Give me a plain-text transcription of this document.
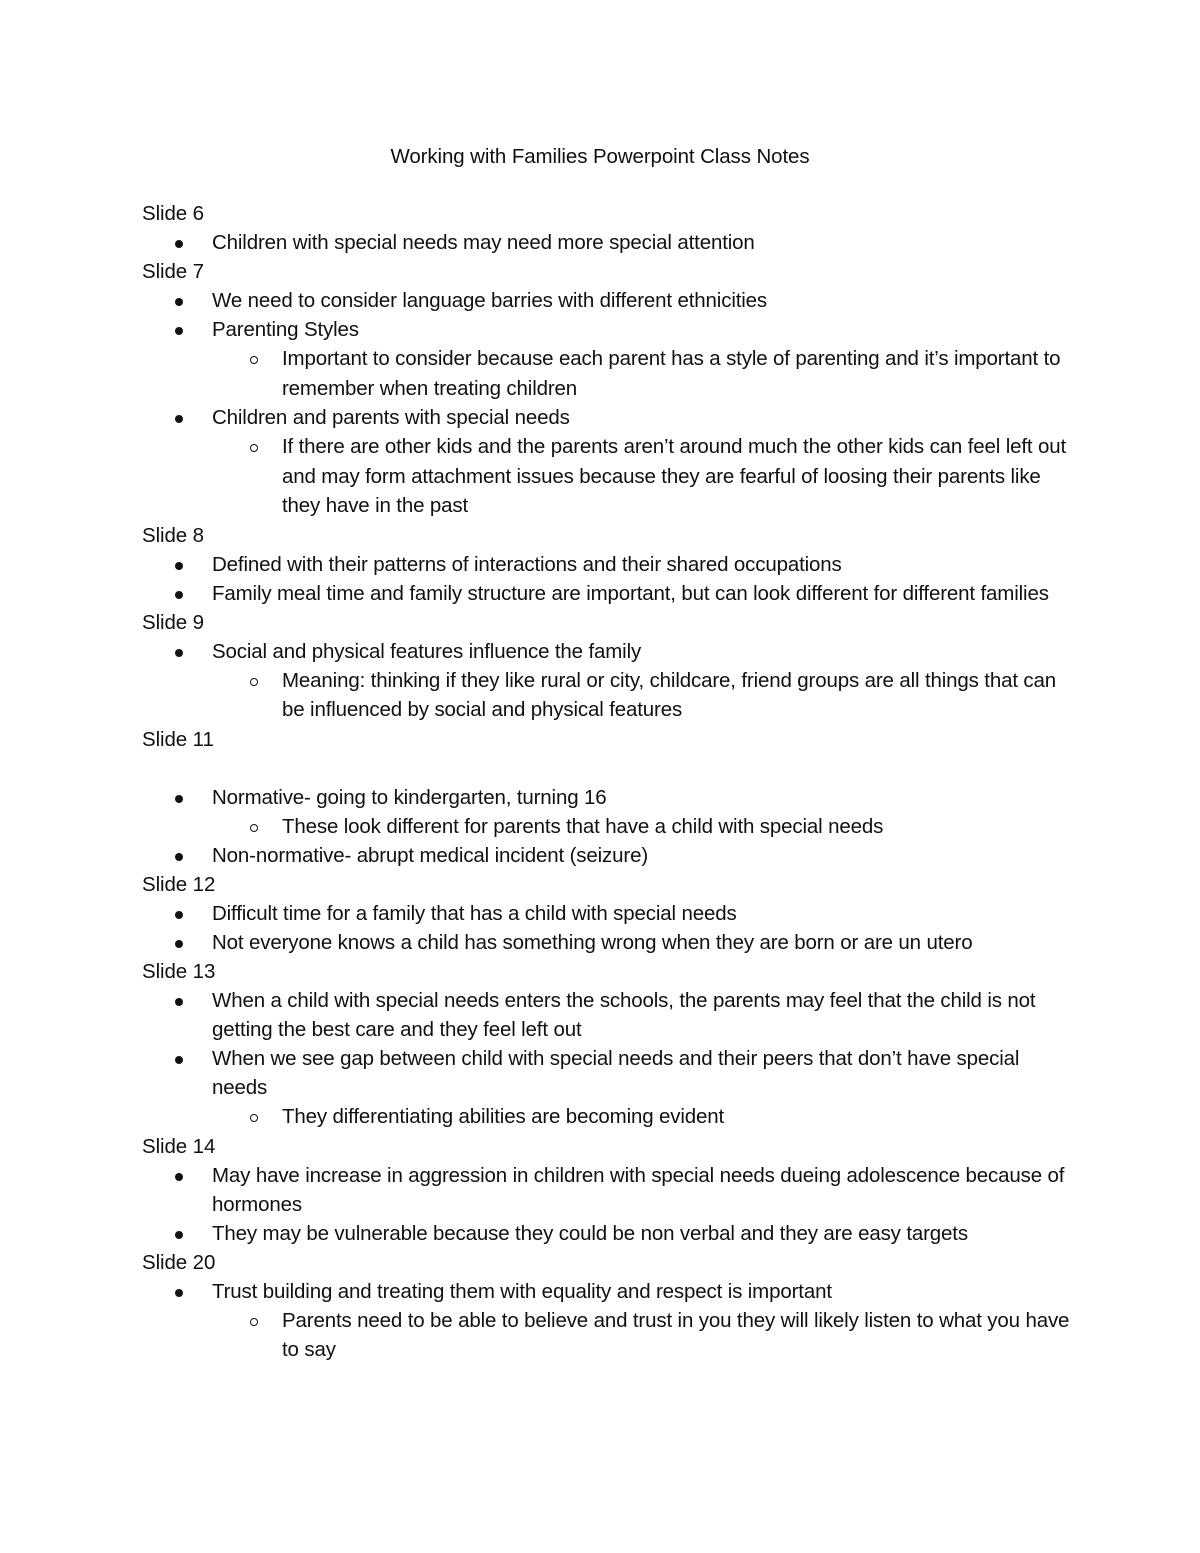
Working with Families Powerpoint Class Notes
Slide 6
Children with special needs may need more special attention
Slide 7
We need to consider language barries with different ethnicities
Parenting Styles
Important to consider because each parent has a style of parenting and it’s important to remember when treating children
Children and parents with special needs
If there are other kids and the parents aren’t around much the other kids can feel left out and may form attachment issues because they are fearful of loosing their parents like they have in the past
Slide 8
Defined with their patterns of interactions and their shared occupations
Family meal time and family structure are important, but can look different for different families
Slide 9
Social and physical features influence the family
Meaning: thinking if they like rural or city, childcare, friend groups are all things that can be influenced by social and physical features
Slide 11
Normative- going to kindergarten, turning 16
These look different for parents that have a child with special needs
Non-normative- abrupt medical incident (seizure)
Slide 12
Difficult time for a family that has a child with special needs
Not everyone knows a child has something wrong when they are born or are un utero
Slide 13
When a child with special needs enters the schools, the parents may feel that the child is not getting the best care and they feel left out
When we see gap between child with special needs and their peers that don’t have special needs
They differentiating abilities are becoming evident
Slide 14
May have increase in aggression in children with special needs dueing adolescence because of hormones
They may be vulnerable because they could be non verbal and they are easy targets
Slide 20
Trust building and treating them with equality and respect is important
Parents need to be able to believe and trust in you they will likely listen to what you have to say
